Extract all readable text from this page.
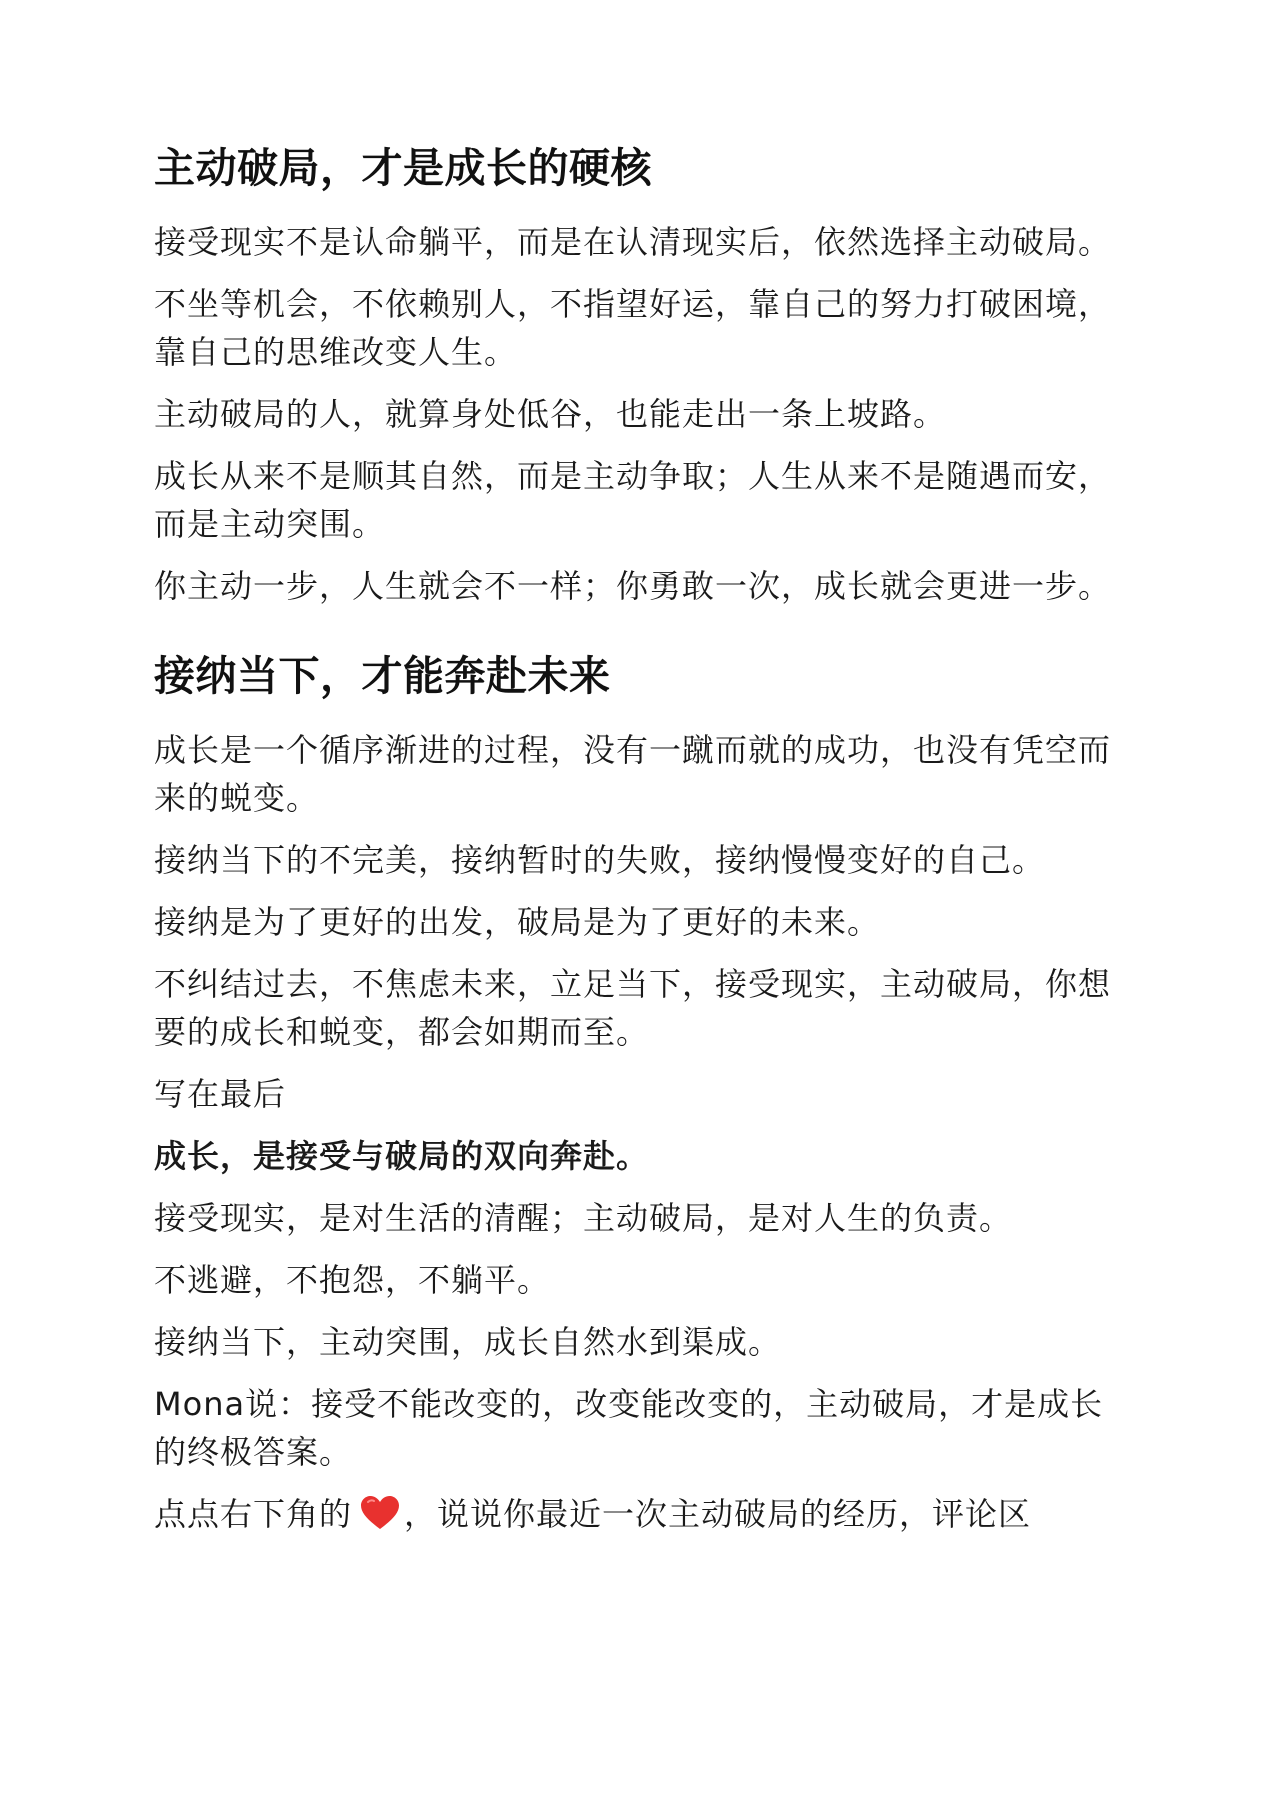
主动破局，才是成长的硬核

接受现实不是认命躺平，而是在认清现实后，依然选择主动破局。

不坐等机会，不依赖别人，不指望好运，靠自己的努力打破困境，靠自己的思维改变人生。

主动破局的人，就算身处低谷，也能走出一条上坡路。

成长从来不是顺其自然，而是主动争取；人生从来不是随遇而安，而是主动突围。

你主动一步，人生就会不一样；你勇敢一次，成长就会更进一步。

接纳当下，才能奔赴未来

成长是一个循序渐进的过程，没有一蹴而就的成功，也没有凭空而来的蜕变。

接纳当下的不完美，接纳暂时的失败，接纳慢慢变好的自己。

接纳是为了更好的出发，破局是为了更好的未来。

不纠结过去，不焦虑未来，立足当下，接受现实，主动破局，你想要的成长和蜕变，都会如期而至。

写在最后

成长，是接受与破局的双向奔赴。

接受现实，是对生活的清醒；主动破局，是对人生的负责。

不逃避，不抱怨，不躺平。

接纳当下，主动突围，成长自然水到渠成。

Mona说：接受不能改变的，改变能改变的，主动破局，才是成长的终极答案。

点点右下角的 ，说说你最近一次主动破局的经历，评论区
